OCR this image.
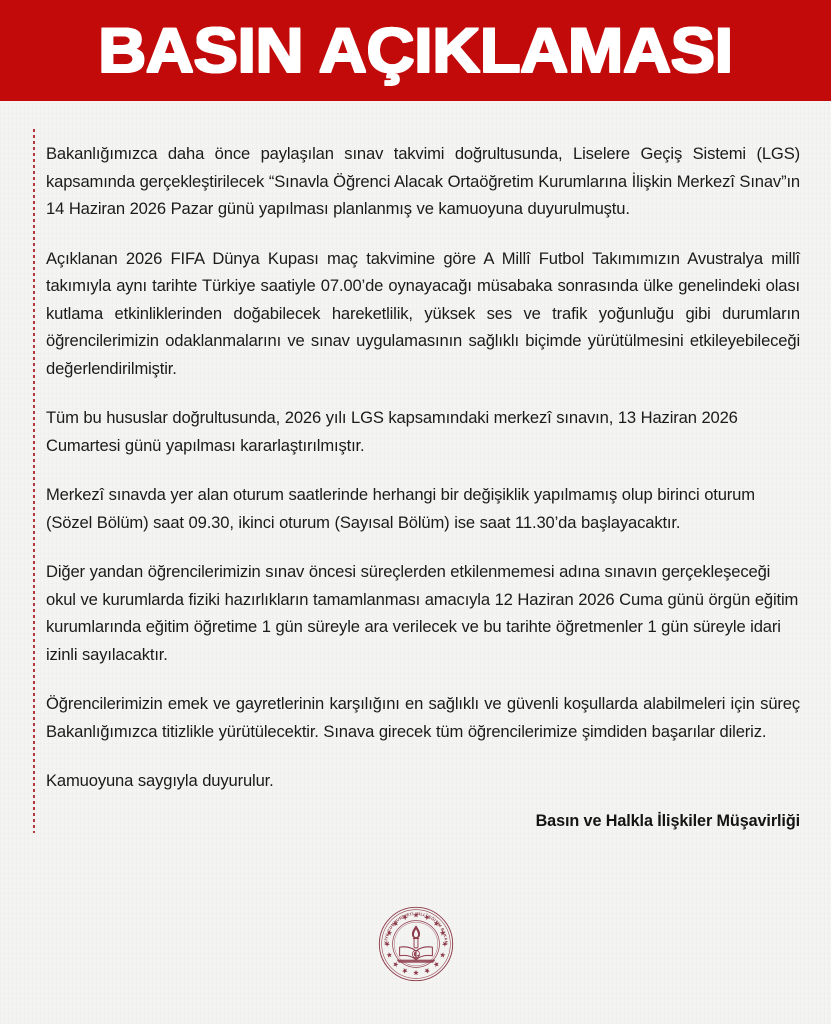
BASIN AÇIKLAMASI

Bakanlığımızca daha önce paylaşılan sınav takvimi doğrultusunda, Liselere Geçiş Sistemi (LGS) kapsamında gerçekleştirilecek “Sınavla Öğrenci Alacak Ortaöğretim Kurumlarına İlişkin Merkezî Sınav”ın 14 Haziran 2026 Pazar günü yapılması planlanmış ve kamuoyuna duyurulmuştu.

Açıklanan 2026 FIFA Dünya Kupası maç takvimine göre A Millî Futbol Takımımızın Avustralya millî takımıyla aynı tarihte Türkiye saatiyle 07.00’de oynayacağı müsabaka sonrasında ülke genelindeki olası kutlama etkinliklerinden doğabilecek hareketlilik, yüksek ses ve trafik yoğunluğu gibi durumların öğrencilerimizin odaklanmalarını ve sınav uygulamasının sağlıklı biçimde yürütülmesini etkileyebileceği değerlendirilmiştir.

Tüm bu hususlar doğrultusunda, 2026 yılı LGS kapsamındaki merkezî sınavın, 13 Haziran 2026 Cumartesi günü yapılması kararlaştırılmıştır.

Merkezî sınavda yer alan oturum saatlerinde herhangi bir değişiklik yapılmamış olup birinci oturum (Sözel Bölüm) saat 09.30, ikinci oturum (Sayısal Bölüm) ise saat 11.30’da başlayacaktır.

Diğer yandan öğrencilerimizin sınav öncesi süreçlerden etkilenmemesi adına sınavın gerçekleşeceği okul ve kurumlarda fiziki hazırlıkların tamamlanması amacıyla 12 Haziran 2026 Cuma günü örgün eğitim kurumlarında eğitim öğretime 1 gün süreyle ara verilecek ve bu tarihte öğretmenler 1 gün süreyle idari izinli sayılacaktır.

Öğrencilerimizin emek ve gayretlerinin karşılığını en sağlıklı ve güvenli koşullarda alabilmeleri için süreç Bakanlığımızca titizlikle yürütülecektir. Sınava girecek tüm öğrencilerimize şimdiden başarılar dileriz.

Kamuoyuna saygıyla duyurulur.

Basın ve Halkla İlişkiler Müşavirliği
KİYE CUMHURİYETİ MİLLÎ EĞİTİM BAKAN
